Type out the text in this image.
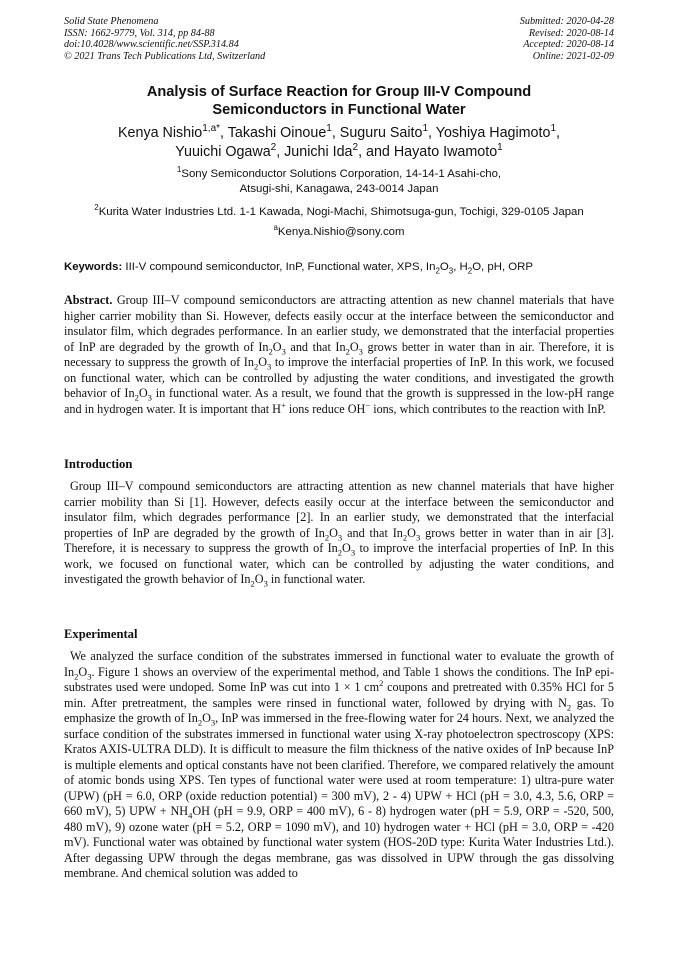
Solid State Phenomena
ISSN: 1662-9779, Vol. 314, pp 84-88
doi:10.4028/www.scientific.net/SSP.314.84
© 2021 Trans Tech Publications Ltd, Switzerland
Submitted: 2020-04-28
Revised: 2020-08-14
Accepted: 2020-08-14
Online: 2021-02-09
Analysis of Surface Reaction for Group III-V Compound
Semiconductors in Functional Water
Kenya Nishio$^{1,a*}$, Takashi Oinoue$^1$, Suguru Saito$^1$, Yoshiya Hagimoto$^1$,
Yuuichi Ogawa$^2$, Junichi Ida$^2$, and Hayato Iwamoto$^1$
$^1$Sony Semiconductor Solutions Corporation, 14-14-1 Asahi-cho,
Atsugi-shi, Kanagawa, 243-0014 Japan
$^2$Kurita Water Industries Ltd. 1-1 Kawada, Nogi-Machi, Shimotsuga-gun, Tochigi, 329-0105 Japan
$^a$Kenya.Nishio@sony.com
Keywords: III-V compound semiconductor, InP, Functional water, XPS, $In_2O_3$, $H_2O$, pH, ORP
Abstract. Group III–V compound semiconductors are attracting attention as new channel materials that have higher carrier mobility than Si. However, defects easily occur at the interface between the semiconductor and insulator film, which degrades performance. In an earlier study, we demonstrated that the interfacial properties of InP are degraded by the growth of $In_2O_3$ and that $In_2O_3$ grows better in water than in air. Therefore, it is necessary to suppress the growth of $In_2O_3$ to improve the interfacial properties of InP. In this work, we focused on functional water, which can be controlled by adjusting the water conditions, and investigated the growth behavior of $In_2O_3$ in functional water. As a result, we found that the growth is suppressed in the low-pH range and in hydrogen water. It is important that H+ ions reduce OH− ions, which contributes to the reaction with InP.
Introduction
Group III–V compound semiconductors are attracting attention as new channel materials that have higher carrier mobility than Si [1]. However, defects easily occur at the interface between the semiconductor and insulator film, which degrades performance [2]. In an earlier study, we demonstrated that the interfacial properties of InP are degraded by the growth of $In_2O_3$ and that $In_2O_3$ grows better in water than in air [3]. Therefore, it is necessary to suppress the growth of $In_2O_3$ to improve the interfacial properties of InP. In this work, we focused on functional water, which can be controlled by adjusting the water conditions, and investigated the growth behavior of $In_2O_3$ in functional water.
Experimental
We analyzed the surface condition of the substrates immersed in functional water to evaluate the growth of $In_2O_3$. Figure 1 shows an overview of the experimental method, and Table 1 shows the conditions. The InP epi-substrates used were undoped. Some InP was cut into 1 × 1 $cm^2$ coupons and pretreated with 0.35% HCl for 5 min. After pretreatment, the samples were rinsed in functional water, followed by drying with $N_2$ gas. To emphasize the growth of $In_2O_3$, InP was immersed in the free-flowing water for 24 hours. Next, we analyzed the surface condition of the substrates immersed in functional water using X-ray photoelectron spectroscopy (XPS: Kratos AXIS-ULTRA DLD). It is difficult to measure the film thickness of the native oxides of InP because InP is multiple elements and optical constants have not been clarified. Therefore, we compared relatively the amount of atomic bonds using XPS. Ten types of functional water were used at room temperature: 1) ultra-pure water (UPW) (pH = 6.0, ORP (oxide reduction potential) = 300 mV), 2 - 4) UPW + HCl (pH = 3.0, 4.3, 5.6, ORP = 660 mV), 5) UPW + $NH_4OH$ (pH = 9.9, ORP = 400 mV), 6 - 8) hydrogen water (pH = 5.9, ORP = -520, 500, 480 mV), 9) ozone water (pH = 5.2, ORP = 1090 mV), and 10) hydrogen water + HCl (pH = 3.0, ORP = -420 mV). Functional water was obtained by functional water system (HOS-20D type: Kurita Water Industries Ltd.). After degassing UPW through the degas membrane, gas was dissolved in UPW through the gas dissolving membrane. And chemical solution was added to
